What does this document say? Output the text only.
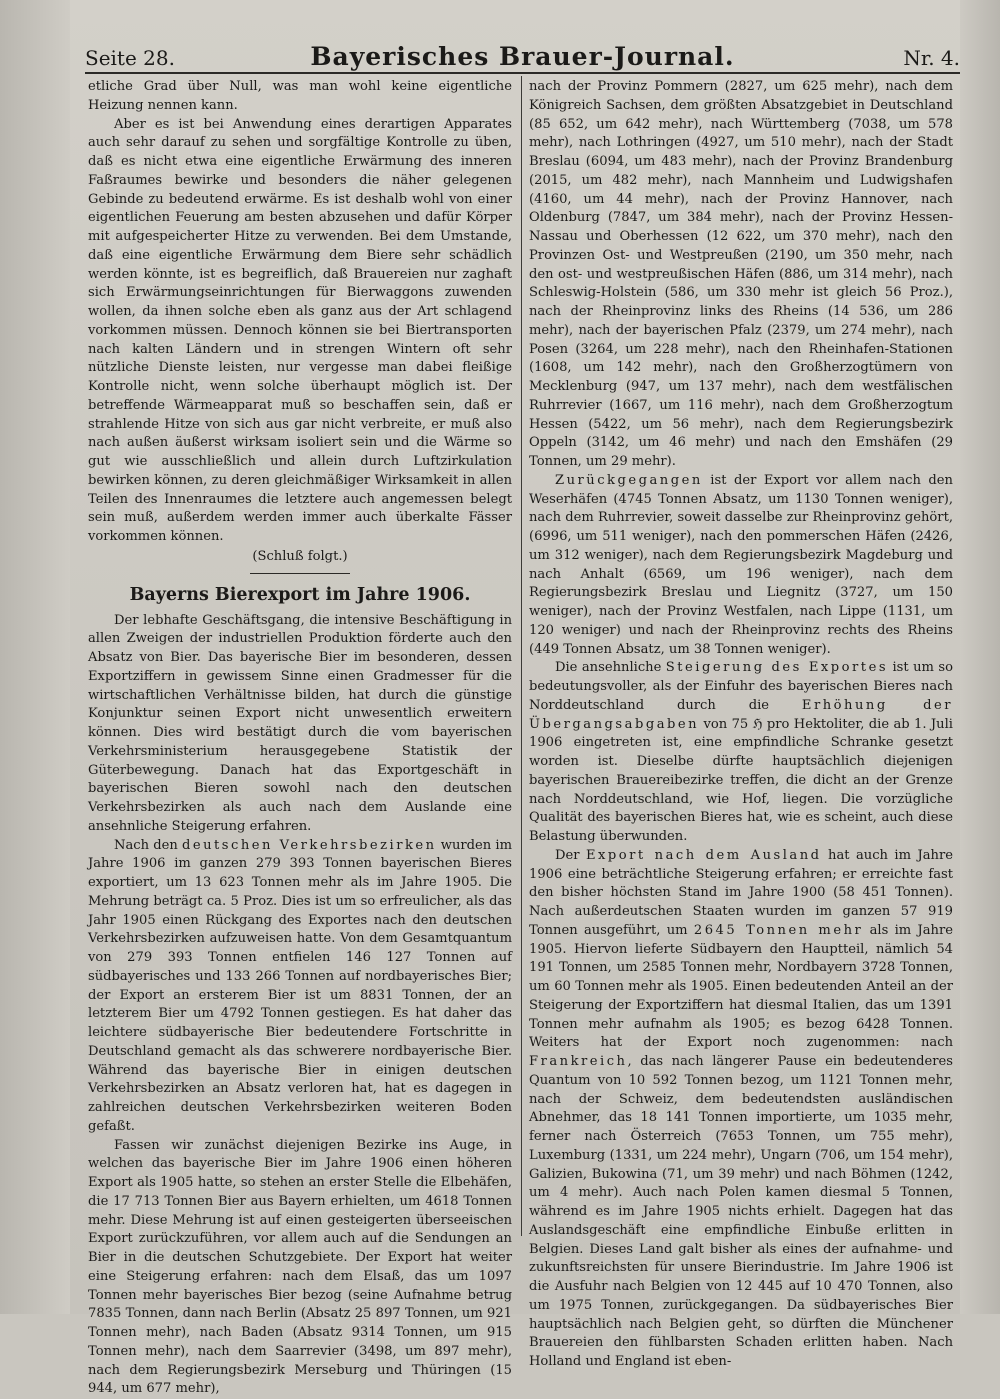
Seite 28.	Bayerisches Brauer-Journal.	Nr. 4.

etliche Grad über Null, was man wohl keine eigentliche Heizung nennen kann.

Aber es ist bei Anwendung eines derartigen Apparates auch sehr darauf zu sehen und sorgfältige Kontrolle zu üben, daß es nicht etwa eine eigentliche Erwärmung des inneren Faßraumes bewirke und besonders die näher gelegenen Gebinde zu bedeutend erwärme. Es ist deshalb wohl von einer eigentlichen Feuerung am besten abzusehen und dafür Körper mit aufgespeicherter Hitze zu verwenden. Bei dem Umstande, daß eine eigentliche Erwärmung dem Biere sehr schädlich werden könnte, ist es begreiflich, daß Brauereien nur zaghaft sich Erwärmungseinrichtungen für Bierwaggons zuwenden wollen, da ihnen solche eben als ganz aus der Art schlagend vorkommen müssen. Dennoch können sie bei Biertransporten nach kalten Ländern und in strengen Wintern oft sehr nützliche Dienste leisten, nur vergesse man dabei fleißige Kontrolle nicht, wenn solche überhaupt möglich ist. Der betreffende Wärmeapparat muß so beschaffen sein, daß er strahlende Hitze von sich aus gar nicht verbreite, er muß also nach außen äußerst wirksam isoliert sein und die Wärme so gut wie ausschließlich und allein durch Luftzirkulation bewirken können, zu deren gleichmäßiger Wirksamkeit in allen Teilen des Innenraumes die letztere auch angemessen belegt sein muß, außerdem werden immer auch überkalte Fässer vorkommen können.

(Schluß folgt.)

Bayerns Bierexport im Jahre 1906.

Der lebhafte Geschäftsgang, die intensive Beschäftigung in allen Zweigen der industriellen Produktion förderte auch den Absatz von Bier. Das bayerische Bier im besonderen, dessen Exportziffern in gewissem Sinne einen Gradmesser für die wirtschaftlichen Verhältnisse bilden, hat durch die günstige Konjunktur seinen Export nicht unwesentlich erweitern können. Dies wird bestätigt durch die vom bayerischen Verkehrsministerium herausgegebene Statistik der Güterbewegung. Danach hat das Exportgeschäft in bayerischen Bieren sowohl nach den deutschen Verkehrsbezirken als auch nach dem Auslande eine ansehnliche Steigerung erfahren.

Nach den deutschen Verkehrsbezirken wurden im Jahre 1906 im ganzen 279 393 Tonnen bayerischen Bieres exportiert, um 13 623 Tonnen mehr als im Jahre 1905. Die Mehrung beträgt ca. 5 Proz. Dies ist um so erfreulicher, als das Jahr 1905 einen Rückgang des Exportes nach den deutschen Verkehrsbezirken aufzuweisen hatte. Von dem Gesamtquantum von 279 393 Tonnen entfielen 146 127 Tonnen auf südbayerisches und 133 266 Tonnen auf nordbayerisches Bier; der Export an ersterem Bier ist um 8831 Tonnen, der an letzterem Bier um 4792 Tonnen gestiegen. Es hat daher das leichtere südbayerische Bier bedeutendere Fortschritte in Deutschland gemacht als das schwerere nordbayerische Bier. Während das bayerische Bier in einigen deutschen Verkehrsbezirken an Absatz verloren hat, hat es dagegen in zahlreichen deutschen Verkehrsbezirken weiteren Boden gefaßt.

Fassen wir zunächst diejenigen Bezirke ins Auge, in welchen das bayerische Bier im Jahre 1906 einen höheren Export als 1905 hatte, so stehen an erster Stelle die Elbehäfen, die 17 713 Tonnen Bier aus Bayern erhielten, um 4618 Tonnen mehr. Diese Mehrung ist auf einen gesteigerten überseeischen Export zurückzuführen, vor allem auch auf die Sendungen an Bier in die deutschen Schutzgebiete. Der Export hat weiter eine Steigerung erfahren: nach dem Elsaß, das um 1097 Tonnen mehr bayerisches Bier bezog (seine Aufnahme betrug 7835 Tonnen, dann nach Berlin (Absatz 25 897 Tonnen, um 921 Tonnen mehr), nach Baden (Absatz 9314 Tonnen, um 915 Tonnen mehr), nach dem Saarrevier (3498, um 897 mehr), nach dem Regierungsbezirk Merseburg und Thüringen (15 944, um 677 mehr),

nach der Provinz Pommern (2827, um 625 mehr), nach dem Königreich Sachsen, dem größten Absatzgebiet in Deutschland (85 652, um 642 mehr), nach Württemberg (7038, um 578 mehr), nach Lothringen (4927, um 510 mehr), nach der Stadt Breslau (6094, um 483 mehr), nach der Provinz Brandenburg (2015, um 482 mehr), nach Mannheim und Ludwigshafen (4160, um 44 mehr), nach der Provinz Hannover, nach Oldenburg (7847, um 384 mehr), nach der Provinz Hessen-Nassau und Oberhessen (12 622, um 370 mehr), nach den Provinzen Ost- und Westpreußen (2190, um 350 mehr, nach den ost- und westpreußischen Häfen (886, um 314 mehr), nach Schleswig-Holstein (586, um 330 mehr ist gleich 56 Proz.), nach der Rheinprovinz links des Rheins (14 536, um 286 mehr), nach der bayerischen Pfalz (2379, um 274 mehr), nach Posen (3264, um 228 mehr), nach den Rheinhafen-Stationen (1608, um 142 mehr), nach den Großherzogtümern von Mecklenburg (947, um 137 mehr), nach dem westfälischen Ruhrrevier (1667, um 116 mehr), nach dem Großherzogtum Hessen (5422, um 56 mehr), nach dem Regierungsbezirk Oppeln (3142, um 46 mehr) und nach den Emshäfen (29 Tonnen, um 29 mehr).

Zurückgegangen ist der Export vor allem nach den Weserhäfen (4745 Tonnen Absatz, um 1130 Tonnen weniger), nach dem Ruhrrevier, soweit dasselbe zur Rheinprovinz gehört, (6996, um 511 weniger), nach den pommerschen Häfen (2426, um 312 weniger), nach dem Regierungsbezirk Magdeburg und nach Anhalt (6569, um 196 weniger), nach dem Regierungsbezirk Breslau und Liegnitz (3727, um 150 weniger), nach der Provinz Westfalen, nach Lippe (1131, um 120 weniger) und nach der Rheinprovinz rechts des Rheins (449 Tonnen Absatz, um 38 Tonnen weniger).

Die ansehnliche Steigerung des Exportes ist um so bedeutungsvoller, als der Einfuhr des bayerischen Bieres nach Norddeutschland durch die Erhöhung der Übergangsabgaben von 75 ℌ pro Hektoliter, die ab 1. Juli 1906 eingetreten ist, eine empfindliche Schranke gesetzt worden ist. Dieselbe dürfte hauptsächlich diejenigen bayerischen Brauereibezirke treffen, die dicht an der Grenze nach Norddeutschland, wie Hof, liegen. Die vorzügliche Qualität des bayerischen Bieres hat, wie es scheint, auch diese Belastung überwunden.

Der Export nach dem Ausland hat auch im Jahre 1906 eine beträchtliche Steigerung erfahren; er erreichte fast den bisher höchsten Stand im Jahre 1900 (58 451 Tonnen). Nach außerdeutschen Staaten wurden im ganzen 57 919 Tonnen ausgeführt, um 2645 Tonnen mehr als im Jahre 1905. Hiervon lieferte Südbayern den Hauptteil, nämlich 54 191 Tonnen, um 2585 Tonnen mehr, Nordbayern 3728 Tonnen, um 60 Tonnen mehr als 1905. Einen bedeutenden Anteil an der Steigerung der Exportziffern hat diesmal Italien, das um 1391 Tonnen mehr aufnahm als 1905; es bezog 6428 Tonnen. Weiters hat der Export noch zugenommen: nach Frankreich, das nach längerer Pause ein bedeutenderes Quantum von 10 592 Tonnen bezog, um 1121 Tonnen mehr, nach der Schweiz, dem bedeutendsten ausländischen Abnehmer, das 18 141 Tonnen importierte, um 1035 mehr, ferner nach Österreich (7653 Tonnen, um 755 mehr), Luxemburg (1331, um 224 mehr), Ungarn (706, um 154 mehr), Galizien, Bukowina (71, um 39 mehr) und nach Böhmen (1242, um 4 mehr). Auch nach Polen kamen diesmal 5 Tonnen, während es im Jahre 1905 nichts erhielt. Dagegen hat das Auslandsgeschäft eine empfindliche Einbuße erlitten in Belgien. Dieses Land galt bisher als eines der aufnahme- und zukunftsreichsten für unsere Bierindustrie. Im Jahre 1906 ist die Ausfuhr nach Belgien von 12 445 auf 10 470 Tonnen, also um 1975 Tonnen, zurückgegangen. Da südbayerisches Bier hauptsächlich nach Belgien geht, so dürften die Münchener Brauereien den fühlbarsten Schaden erlitten haben. Nach Holland und England ist eben-
